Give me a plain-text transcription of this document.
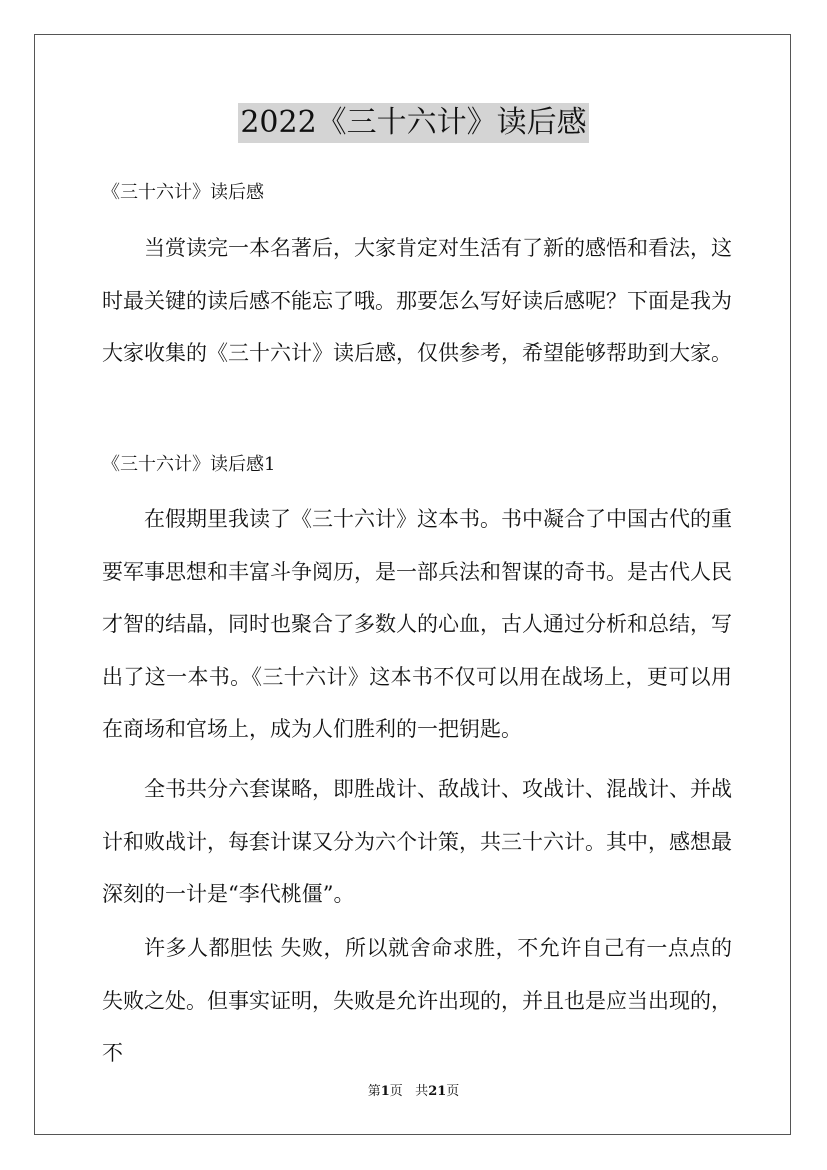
2022《三十六计》读后感
《三十六计》读后感

当赏读完一本名著后，大家肯定对生活有了新的感悟和看法，这时最关键的读后感不能忘了哦。那要怎么写好读后感呢？下面是我为大家收集的《三十六计》读后感，仅供参考，希望能够帮助到大家。

《三十六计》读后感1

在假期里我读了《三十六计》这本书。书中凝合了中国古代的重要军事思想和丰富斗争阅历，是一部兵法和智谋的奇书。是古代人民才智的结晶，同时也聚合了多数人的心血，古人通过分析和总结，写出了这一本书。《三十六计》这本书不仅可以用在战场上，更可以用在商场和官场上，成为人们胜利的一把钥匙。

全书共分六套谋略，即胜战计、敌战计、攻战计、混战计、并战计和败战计，每套计谋又分为六个计策，共三十六计。其中，感想最深刻的一计是“李代桃僵”。

许多人都胆怯 失败，所以就舍命求胜，不允许自己有一点点的失败之处。但事实证明，失败是允许出现的，并且也是应当出现的，不

第1页 共21页
